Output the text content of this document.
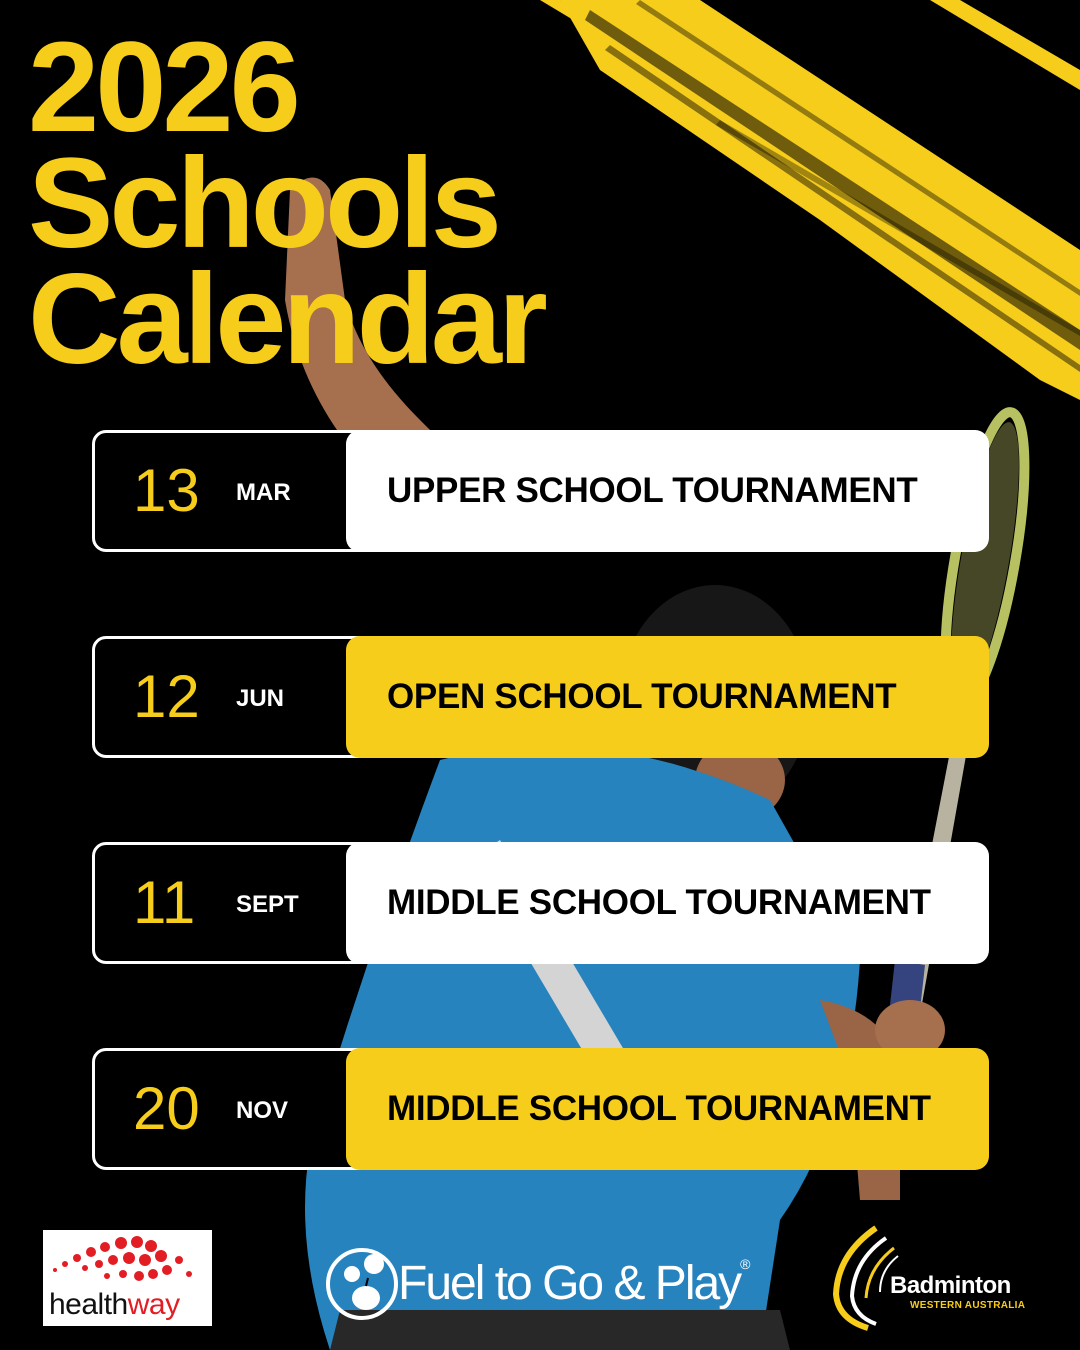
2026
Schools
Calendar
13 MAR	UPPER SCHOOL TOURNAMENT
12 JUN	OPEN SCHOOL TOURNAMENT
11 SEPT	MIDDLE SCHOOL TOURNAMENT
20 NOV	MIDDLE SCHOOL TOURNAMENT
healthway	Fuel to Go & Play®
Badminton
WESTERN AUSTRALIA
